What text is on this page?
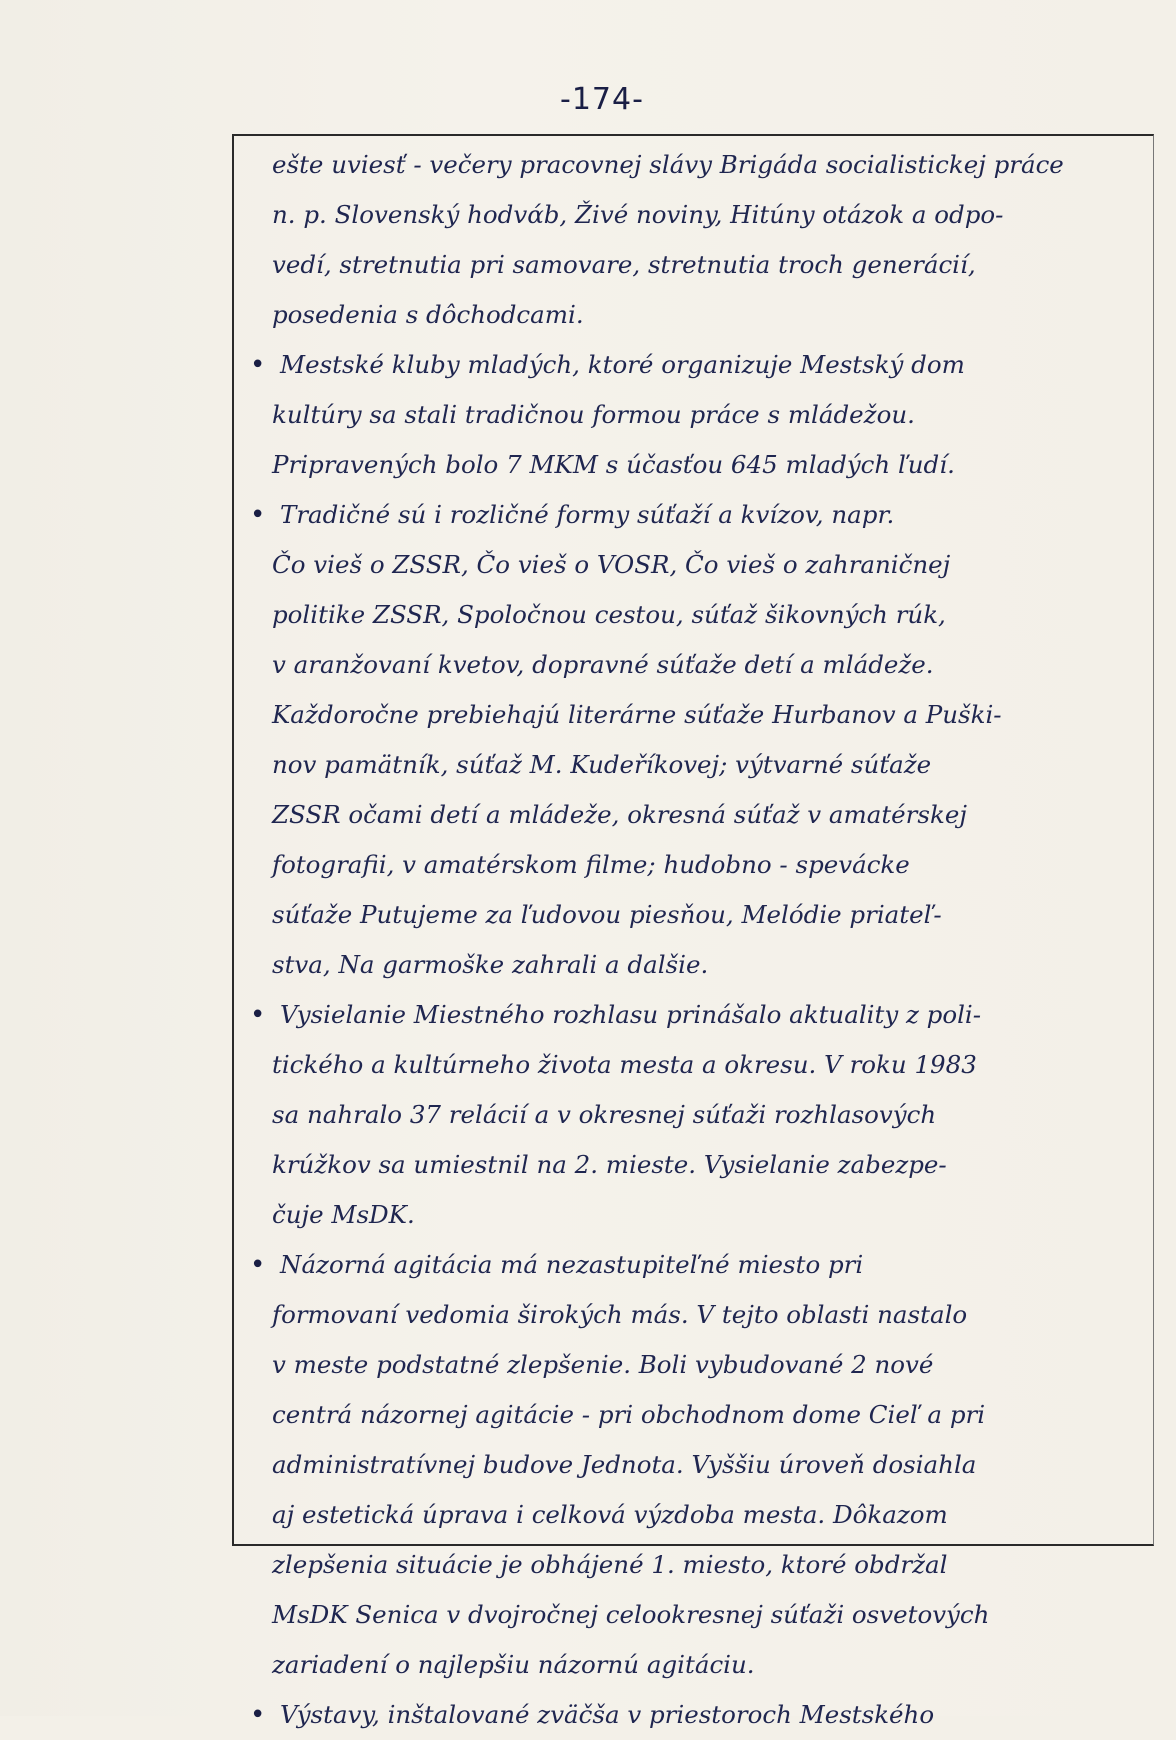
-174-
ešte uviesť - večery pracovnej slávy Brigáda socialistickej práce
n. p. Slovenský hodvάb, Živé noviny, Hitúny otázok a odpo-
vedí, stretnutia pri samovare, stretnutia troch generácií,
posedenia s dôchodcami.
• Mestské kluby mladých, ktoré organizuje Mestský dom
kultúry sa stali tradičnou formou práce s mládežou.
Pripravených bolo 7 MKM s účasťou 645 mladých ľudí.
• Tradičné sú i rozličné formy súťaží a kvízov, napr.
Čo vieš o ZSSR, Čo vieš o VOSR, Čo vieš o zahraničnej
politike ZSSR, Spoločnou cestou, súťaž šikovných rúk,
v aranžovaní kvetov, dopravné súťaže detí a mládeže.
Každoročne prebiehajú literárne súťaže Hurbanov a Puški-
nov pamätník, súťaž M. Kudeříkovej; výtvarné súťaže
ZSSR očami detí a mládeže, okresná súťaž v amatérskej
fotografii, v amatérskom filme; hudobno - spevácke
súťaže Putujeme za ľudovou piesňou, Melódie priateľ-
stva, Na garmoške zahrali a dalšie.
• Vysielanie Miestného rozhlasu prinášalo aktuality z poli-
tického a kultúrneho života mesta a okresu. V roku 1983
sa nahralo 37 relácií a v okresnej súťaži rozhlasových
krúžkov sa umiestnil na 2. mieste. Vysielanie zabezpe-
čuje MsDK.
• Názorná agitácia má nezastupiteľné miesto pri
formovaní vedomia širokých más. V tejto oblasti nastalo
v meste podstatné zlepšenie. Boli vybudované 2 nové
centrá názornej agitácie - pri obchodnom dome Cieľ a pri
administratívnej budove Jednota. Vyššiu úroveň dosiahla
aj estetická úprava i celková výzdoba mesta. Dôkazom
zlepšenia situácie je obhájené 1. miesto, ktoré obdržal
MsDK Senica v dvojročnej celookresnej súťaži osvetových
zariadení o najlepšiu názornú agitáciu.
• Výstavy, inštalované zväčša v priestoroch Mestského
